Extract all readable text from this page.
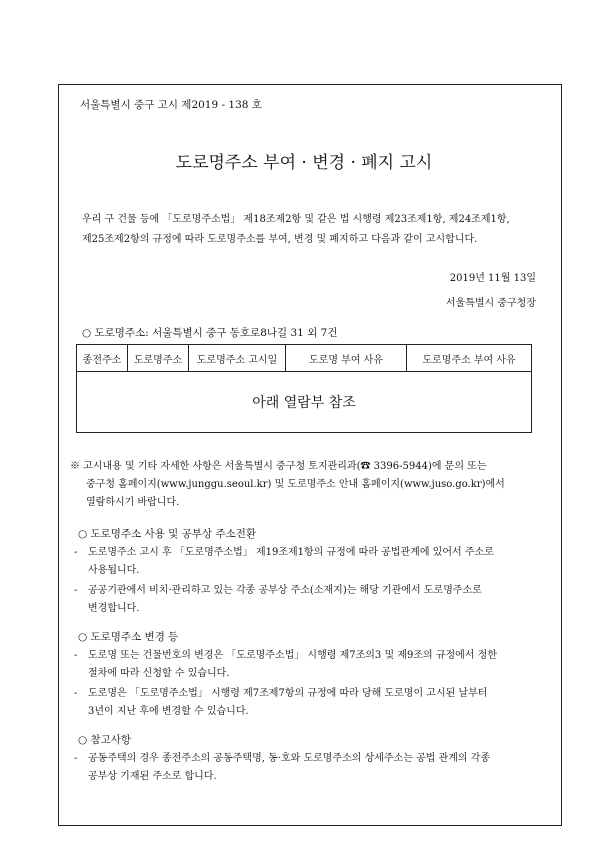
서울특별시 중구 고시 제2019 - 138 호
도로명주소 부여 · 변경 · 폐지 고시
우리 구 건물 등에 「도로명주소법」 제18조제2항 및 같은 법 시행령 제23조제1항, 제24조제1항,
제25조제2항의 규정에 따라 도로명주소를 부여, 변경 및 폐지하고 다음과 같이 고시합니다.
2019년 11월 13일
서울특별시 중구청장
○ 도로명주소: 서울특별시 중구 동호로8나길 31 외 7건
종전주소	도로명주소	도로명주소 고시일	도로명 부여 사유	도로명주소 부여 사유
아래 열람부 참조
※ 고시내용 및 기타 자세한 사항은 서울특별시 중구청 토지관리과(☎ 3396-5944)에 문의 또는
중구청 홈페이지(www.junggu.seoul.kr) 및 도로명주소 안내 홈페이지(www.juso.go.kr)에서
열람하시기 바랍니다.
○ 도로명주소 사용 및 공부상 주소전환
- 도로명주소 고시 후 「도로명주소법」 제19조제1항의 규정에 따라 공법관계에 있어서 주소로
사용됩니다.
- 공공기관에서 비치·관리하고 있는 각종 공부상 주소(소재지)는 해당 기관에서 도로명주소로
변경합니다.
○ 도로명주소 변경 등
- 도로명 또는 건물번호의 변경은 「도로명주소법」 시행령 제7조의3 및 제9조의 규정에서 정한
절차에 따라 신청할 수 있습니다.
- 도로명은 「도로명주소법」 시행령 제7조제7항의 규정에 따라 당해 도로명이 고시된 날부터
3년이 지난 후에 변경할 수 있습니다.
○ 참고사항
- 공동주택의 경우 종전주소의 공동주택명, 동·호와 도로명주소의 상세주소는 공법 관계의 각종
공부상 기재된 주소로 합니다.
